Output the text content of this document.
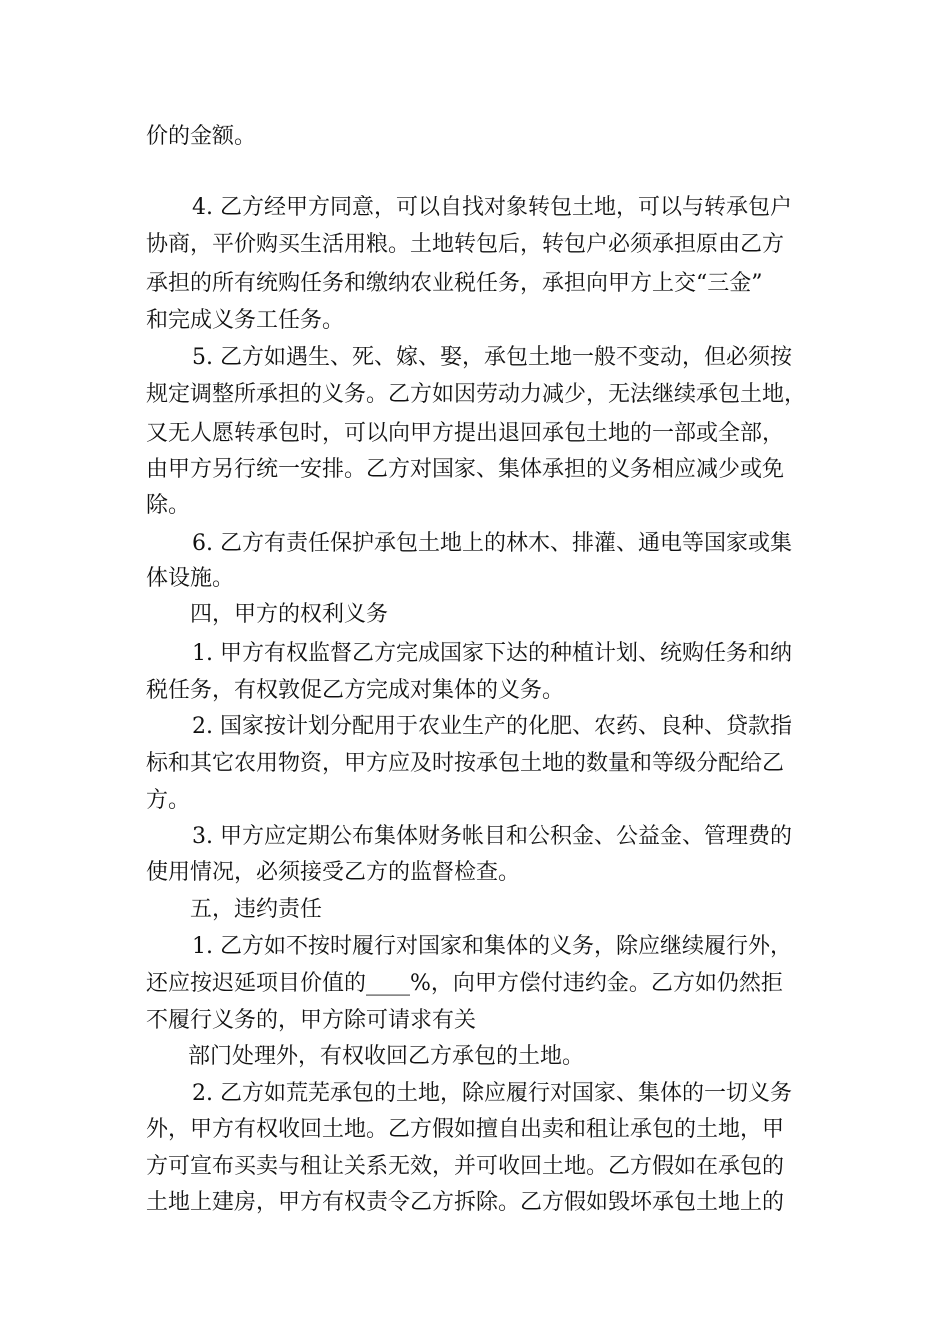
价的金额。
4. 乙方经甲方同意，可以自找对象转包土地，可以与转承包户
协商，平价购买生活用粮。土地转包后，转包户必须承担原由乙方
承担的所有统购任务和缴纳农业税任务，承担向甲方上交“三金”
和完成义务工任务。
5. 乙方如遇生、死、嫁、娶，承包土地一般不变动，但必须按
规定调整所承担的义务。乙方如因劳动力减少，无法继续承包土地，
又无人愿转承包时，可以向甲方提出退回承包土地的一部或全部，
由甲方另行统一安排。乙方对国家、集体承担的义务相应减少或免
除。
6. 乙方有责任保护承包土地上的林木、排灌、通电等国家或集
体设施。
四，甲方的权利义务
1. 甲方有权监督乙方完成国家下达的种植计划、统购任务和纳
税任务，有权敦促乙方完成对集体的义务。
2. 国家按计划分配用于农业生产的化肥、农药、良种、贷款指
标和其它农用物资，甲方应及时按承包土地的数量和等级分配给乙
方。
3. 甲方应定期公布集体财务帐目和公积金、公益金、管理费的
使用情况，必须接受乙方的监督检查。
五，违约责任
1. 乙方如不按时履行对国家和集体的义务，除应继续履行外，
还应按迟延项目价值的____%，向甲方偿付违约金。乙方如仍然拒
不履行义务的，甲方除可请求有关
部门处理外，有权收回乙方承包的土地。
2. 乙方如荒芜承包的土地，除应履行对国家、集体的一切义务
外，甲方有权收回土地。乙方假如擅自出卖和租让承包的土地，甲
方可宣布买卖与租让关系无效，并可收回土地。乙方假如在承包的
土地上建房，甲方有权责令乙方拆除。乙方假如毁坏承包土地上的
